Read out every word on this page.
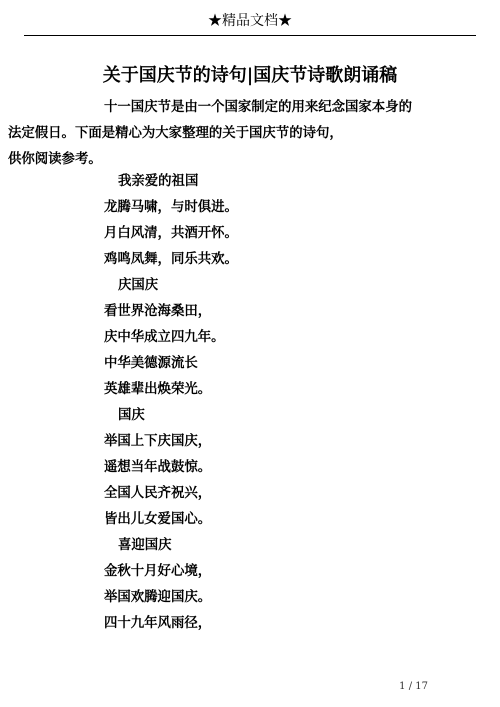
★精品文档★
关于国庆节的诗句|国庆节诗歌朗诵稿
十一国庆节是由一个国家制定的用来纪念国家本身的
法定假日。下面是精心为大家整理的关于国庆节的诗句，
供你阅读参考。
我亲爱的祖国
龙腾马啸，与时俱进。
月白风清，共酒开怀。
鸡鸣凤舞，同乐共欢。
庆国庆
看世界沧海桑田，
庆中华成立四九年。
中华美德源流长
英雄辈出焕荣光。
国庆
举国上下庆国庆，
遥想当年战鼓惊。
全国人民齐祝兴，
皆出儿女爱国心。
喜迎国庆
金秋十月好心境，
举国欢腾迎国庆。
四十九年风雨径，
1 / 17
